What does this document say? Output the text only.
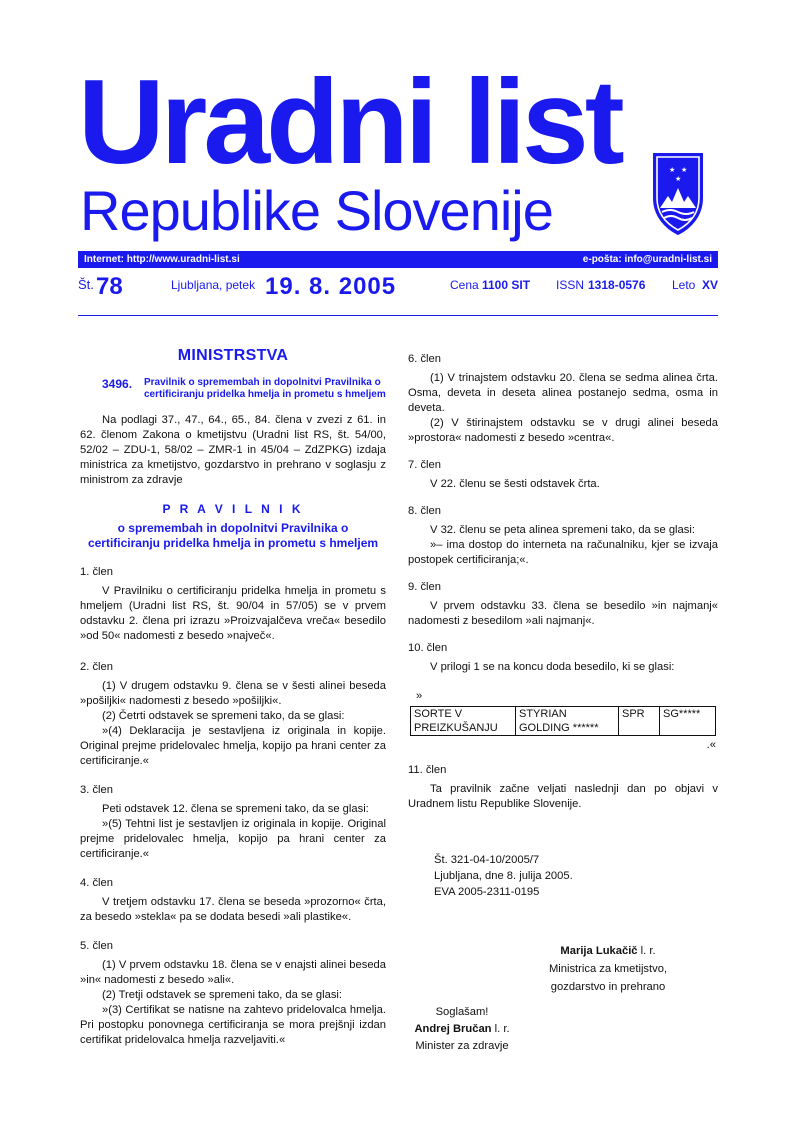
Uradni list
Republike Slovenije
★ ★
★
Internet: http://www.uradni-list.si	e-pošta: info@uradni-list.si
Št. 78	Ljubljana, petek 19. 8. 2005	Cena 1100 SIT ISSN 1318-0576 Leto XV
MINISTRSTVA
3496.	Pravilnik o spremembah in dopolnitvi Pravilnika o certificiranju pridelka hmelja in prometu s hmeljem

Na podlagi 37., 47., 64., 65., 84. člena v zvezi z 61. in 62. členom Zakona o kmetijstvu (Uradni list RS, št. 54/00, 52/02 – ZDU-1, 58/02 – ZMR-1 in 45/04 – ZdZPKG) izdaja ministrica za kmetijstvo, gozdarstvo in prehrano v soglasju z ministrom za zdravje

P R A V I L N I K

o spremembah in dopolnitvi Pravilnika o certificiranju pridelka hmelja in prometu s hmeljem

1. člen

V Pravilniku o certificiranju pridelka hmelja in prometu s hmeljem (Uradni list RS, št. 90/04 in 57/05) se v prvem odstavku 2. člena pri izrazu »Proizvajalčeva vreča« besedilo »od 50« nadomesti z besedo »največ«.

2. člen

(1) V drugem odstavku 9. člena se v šesti alinei beseda »pošiljki« nadomesti z besedo »pošiljki«.

(2) Četrti odstavek se spremeni tako, da se glasi:

»(4) Deklaracija je sestavljena iz originala in kopije. Original prejme pridelovalec hmelja, kopijo pa hrani center za certificiranje.«

3. člen

Peti odstavek 12. člena se spremeni tako, da se glasi:

»(5) Tehtni list je sestavljen iz originala in kopije. Original prejme pridelovalec hmelja, kopijo pa hrani center za certificiranje.«

4. člen

V tretjem odstavku 17. člena se beseda »prozorno« črta, za besedo »stekla« pa se dodata besedi »ali plastike«.

5. člen

(1) V prvem odstavku 18. člena se v enajsti alinei besedа »in« nadomesti z besedo »ali«.

(2) Tretji odstavek se spremeni tako, da se glasi:

»(3) Certifikat se natisne na zahtevo pridelovalca hmelja. Pri postopku ponovnega certificiranja se mora prejšnji izdan certifikat pridelovalca hmelja razveljaviti.«

6. člen

(1) V trinajstem odstavku 20. člena se sedma alinea črta. Osma, deveta in deseta alinea postanejo sedma, osma in deveta.

(2) V štirinajstem odstavku se v drugi alinei beseda »prostora« nadomesti z besedo »centra«.

7. člen

V 22. členu se šesti odstavek črta.

8. člen

V 32. členu se peta alinea spremeni tako, da se glasi:

»– ima dostop do interneta na računalniku, kjer se izvaja postopek certificiranja;«.

9. člen

V prvem odstavku 33. člena se besedilo »in najmanj« nadomesti z besedilom »ali najmanj«.

10. člen

V prilogi 1 se na koncu doda besedilo, ki se glasi:

»

SORTE V PREIZKUŠANJU	STYRIAN GOLDING ******	SPR	SG*****

.«

11. člen

Ta pravilnik začne veljati naslednji dan po objavi v Uradnem listu Republike Slovenije.

Št. 321-04-10/2005/7
Ljubljana, dne 8. julija 2005.
EVA 2005-2311-0195
Marija Lukačič l. r.
Ministrica za kmetijstvo,
gozdarstvo in prehrano
Soglašam!
Andrej Bručan l. r.
Minister za zdravje
